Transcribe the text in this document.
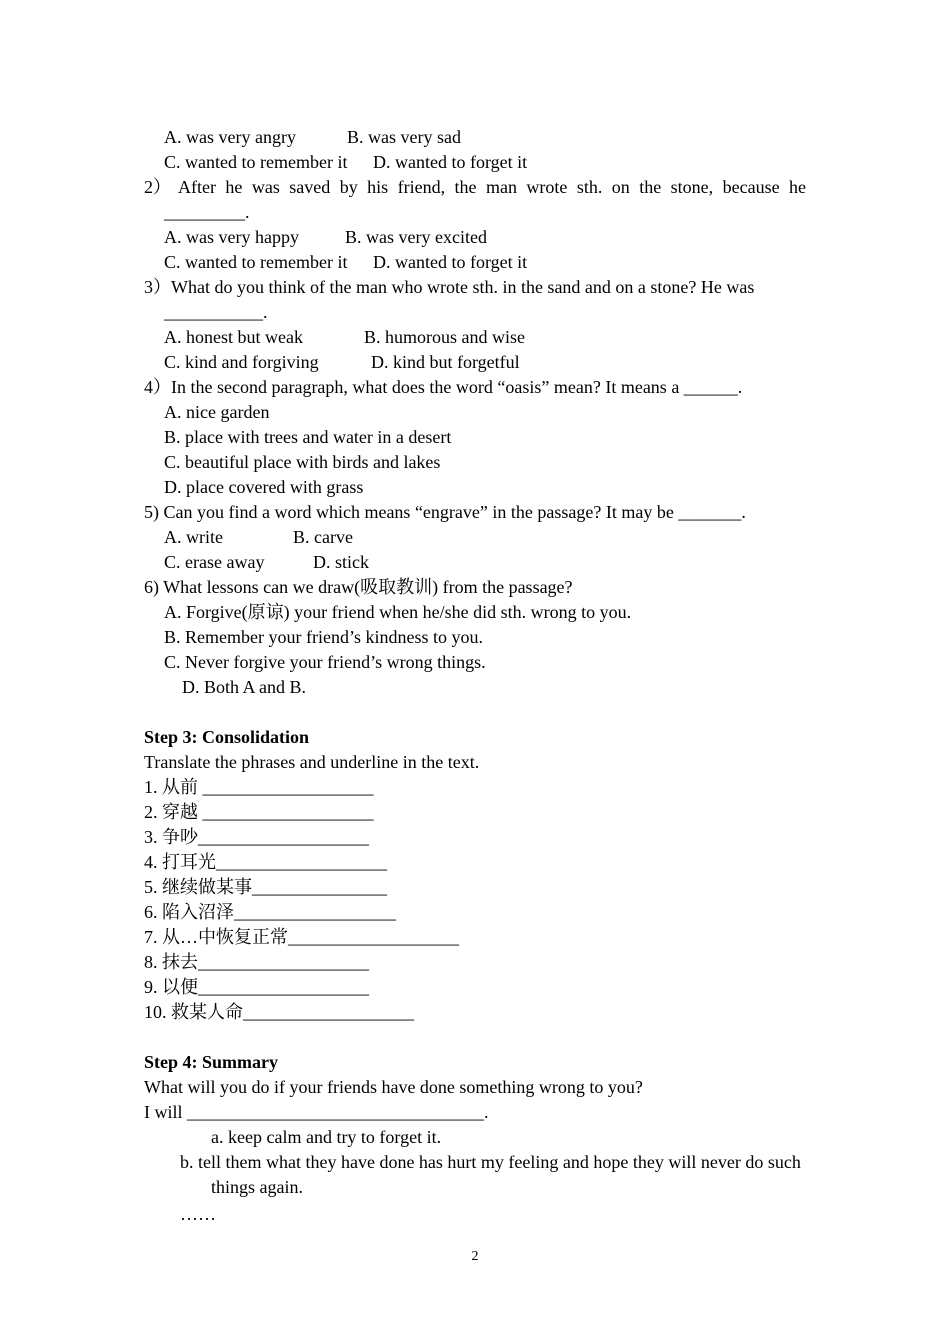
A. was very angry	B. was very sad
C. wanted to remember it D. wanted to forget it
2） After he was saved by his friend, the man wrote sth. on the stone, because he
_________.
A. was very happy	B. was very excited
C. wanted to remember it D. wanted to forget it
3）What do you think of the man who wrote sth. in the sand and on a stone? He was
___________.
A. honest but weak	B. humorous and wise
C. kind and forgiving	D. kind but forgetful
4）In the second paragraph, what does the word “oasis” mean? It means a ______.
A. nice garden
B. place with trees and water in a desert
C. beautiful place with birds and lakes
D. place covered with grass
5) Can you find a word which means “engrave” in the passage? It may be _______.
A. write	B. carve
C. erase away	D. stick
6) What lessons can we draw(吸取教训) from the passage?
A. Forgive(原谅) your friend when he/she did sth. wrong to you.
B. Remember your friend’s kindness to you.
C. Never forgive your friend’s wrong things.
D. Both A and B.
Step 3: Consolidation
Translate the phrases and underline in the text.
1. 从前 ___________________
2. 穿越 ___________________
3. 争吵___________________
4. 打耳光___________________
5. 继续做某事_______________
6. 陷入沼泽__________________
7. 从…中恢复正常___________________
8. 抹去___________________
9. 以便___________________
10. 救某人命___________________
Step 4: Summary
What will you do if your friends have done something wrong to you?
I will _________________________________.
a. keep calm and try to forget it.
b. tell them what they have done has hurt my feeling and hope they will never do such things again.
……
2
